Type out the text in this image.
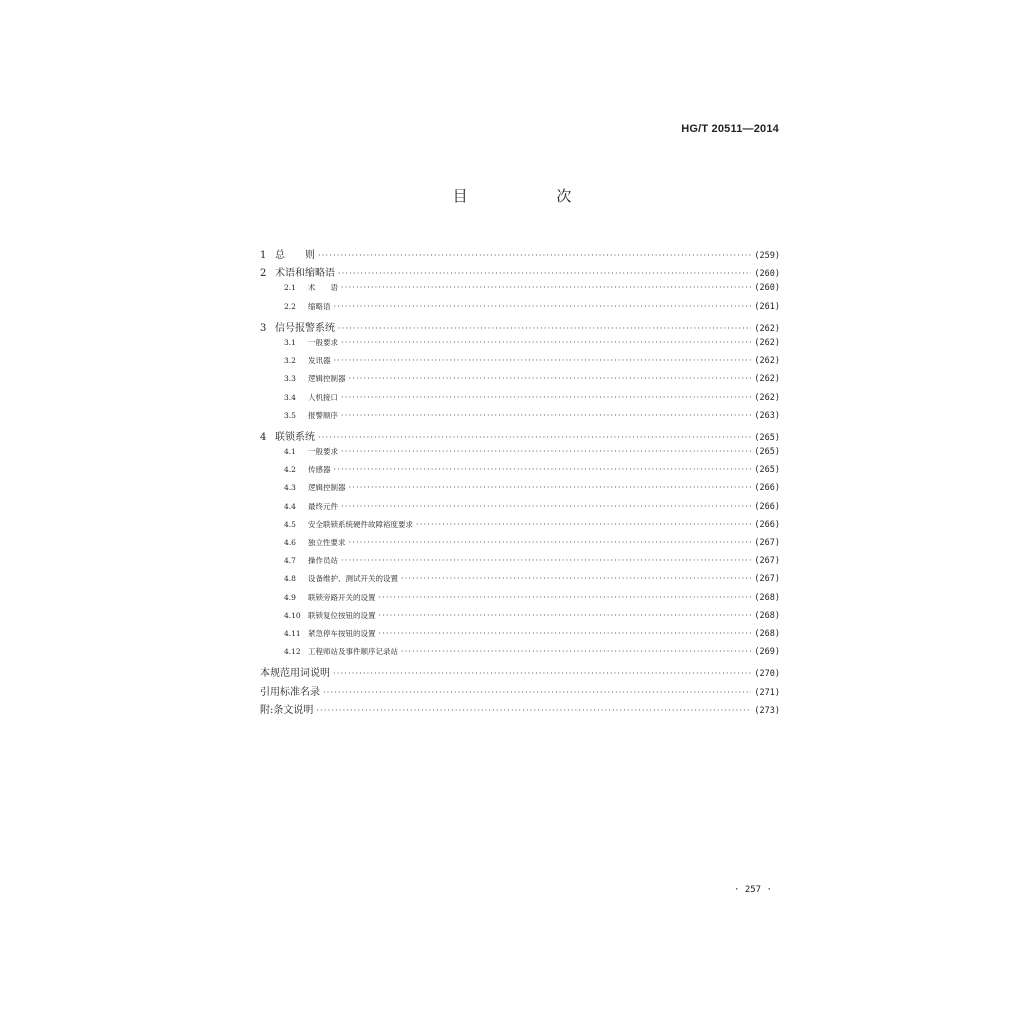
HG/T 20511—2014
目 次
1 总　　则 ·····	(259)
2 术语和缩略语 ·····	(260)
2.1	术　　语 ·····	(260)
2.2	缩略语 ·····	(261)
3 信号报警系统 ·····	(262)
3.1	一般要求 ·····	(262)
3.2	发讯器 ·····	(262)
3.3	逻辑控制器 ·····	(262)
3.4	人机接口 ·····	(262)
3.5	报警顺序 ·····	(263)
4 联锁系统 ·····	(265)
4.1	一般要求 ·····	(265)
4.2	传感器 ·····	(265)
4.3	逻辑控制器 ·····	(266)
4.4	最终元件 ·····	(266)
4.5	安全联锁系统硬件故障裕度要求 ·····	(266)
4.6	独立性要求 ·····	(267)
4.7	操作员站 ·····	(267)
4.8	设备维护、测试开关的设置 ·····	(267)
4.9	联锁旁路开关的设置 ·····	(268)
4.10 联锁复位按钮的设置 ·····	(268)
4.11 紧急停车按钮的设置 ·····	(268)
4.12 工程师站及事件顺序记录站 ·····	(269)
本规范用词说明 ·····	(270)
引用标准名录 ·····	(271)
附:条文说明 ·····	(273)
· 257 ·
